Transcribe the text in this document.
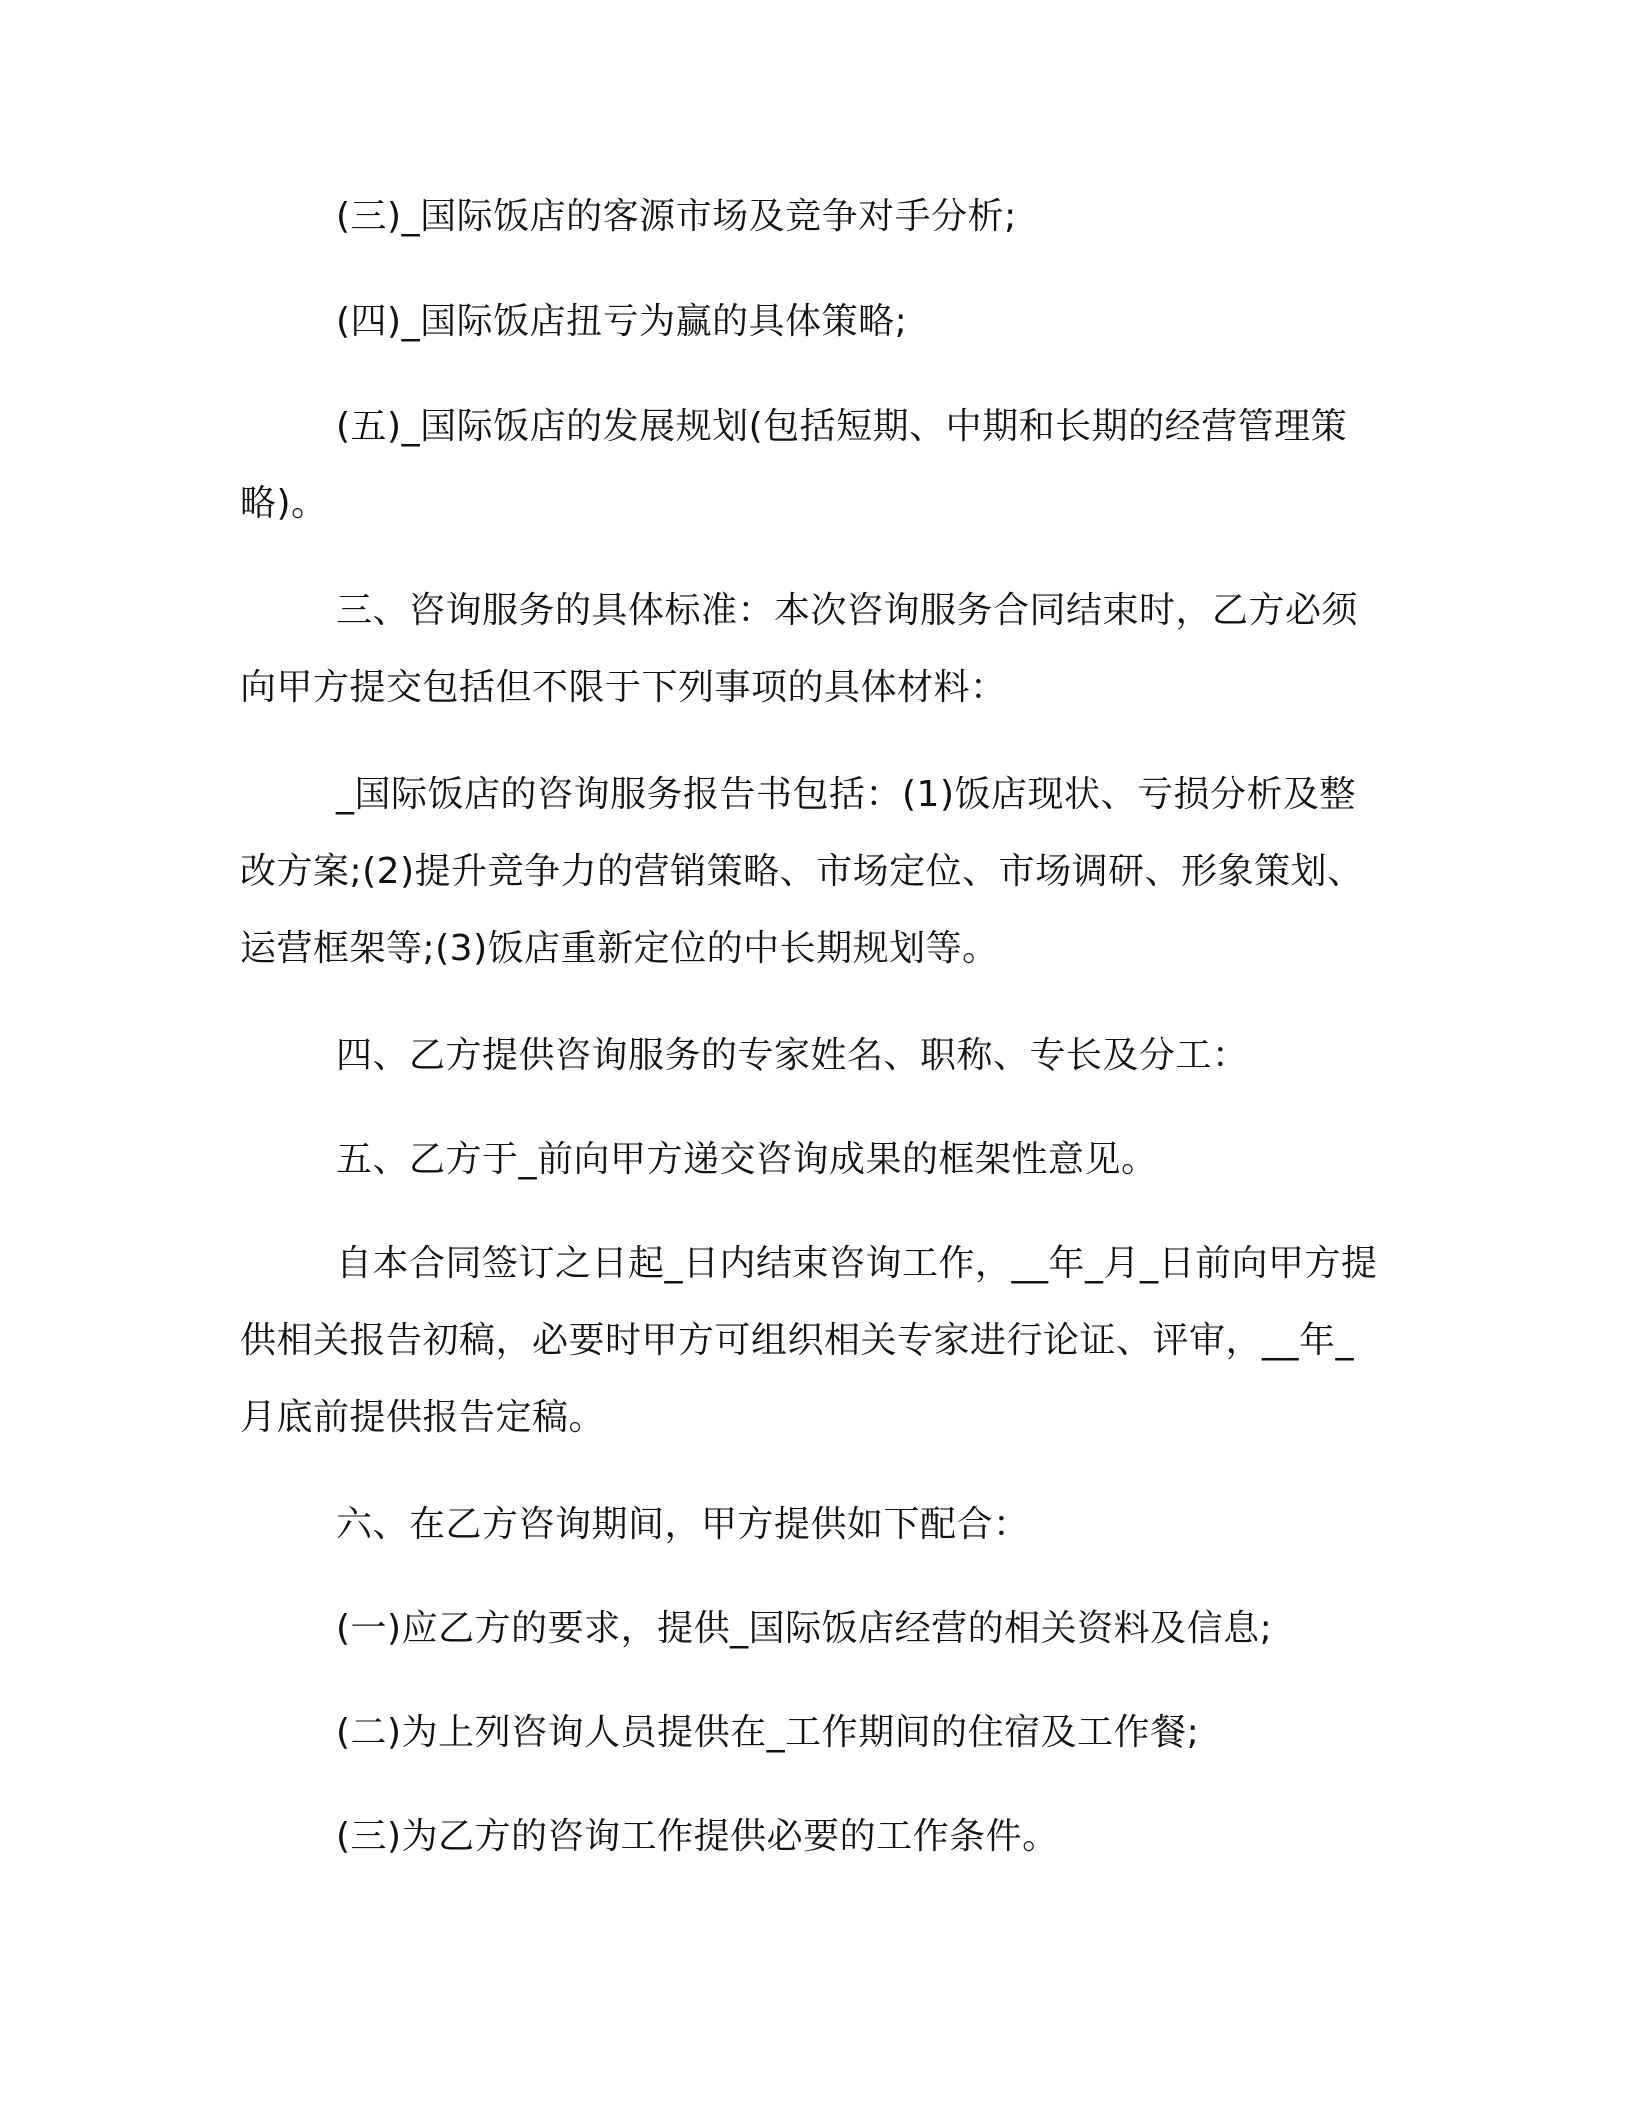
(三)_国际饭店的客源市场及竞争对手分析;

(四)_国际饭店扭亏为赢的具体策略;

(五)_国际饭店的发展规划(包括短期、中期和长期的经营管理策略)。

三、咨询服务的具体标准：本次咨询服务合同结束时，乙方必须向甲方提交包括但不限于下列事项的具体材料：

_国际饭店的咨询服务报告书包括：(1)饭店现状、亏损分析及整改方案;(2)提升竞争力的营销策略、市场定位、市场调研、形象策划、运营框架等;(3)饭店重新定位的中长期规划等。

四、乙方提供咨询服务的专家姓名、职称、专长及分工：

五、乙方于_前向甲方递交咨询成果的框架性意见。

自本合同签订之日起_日内结束咨询工作，__年_月_日前向甲方提供相关报告初稿，必要时甲方可组织相关专家进行论证、评审，__年_月底前提供报告定稿。

六、在乙方咨询期间，甲方提供如下配合：

(一)应乙方的要求，提供_国际饭店经营的相关资料及信息;

(二)为上列咨询人员提供在_工作期间的住宿及工作餐;

(三)为乙方的咨询工作提供必要的工作条件。
